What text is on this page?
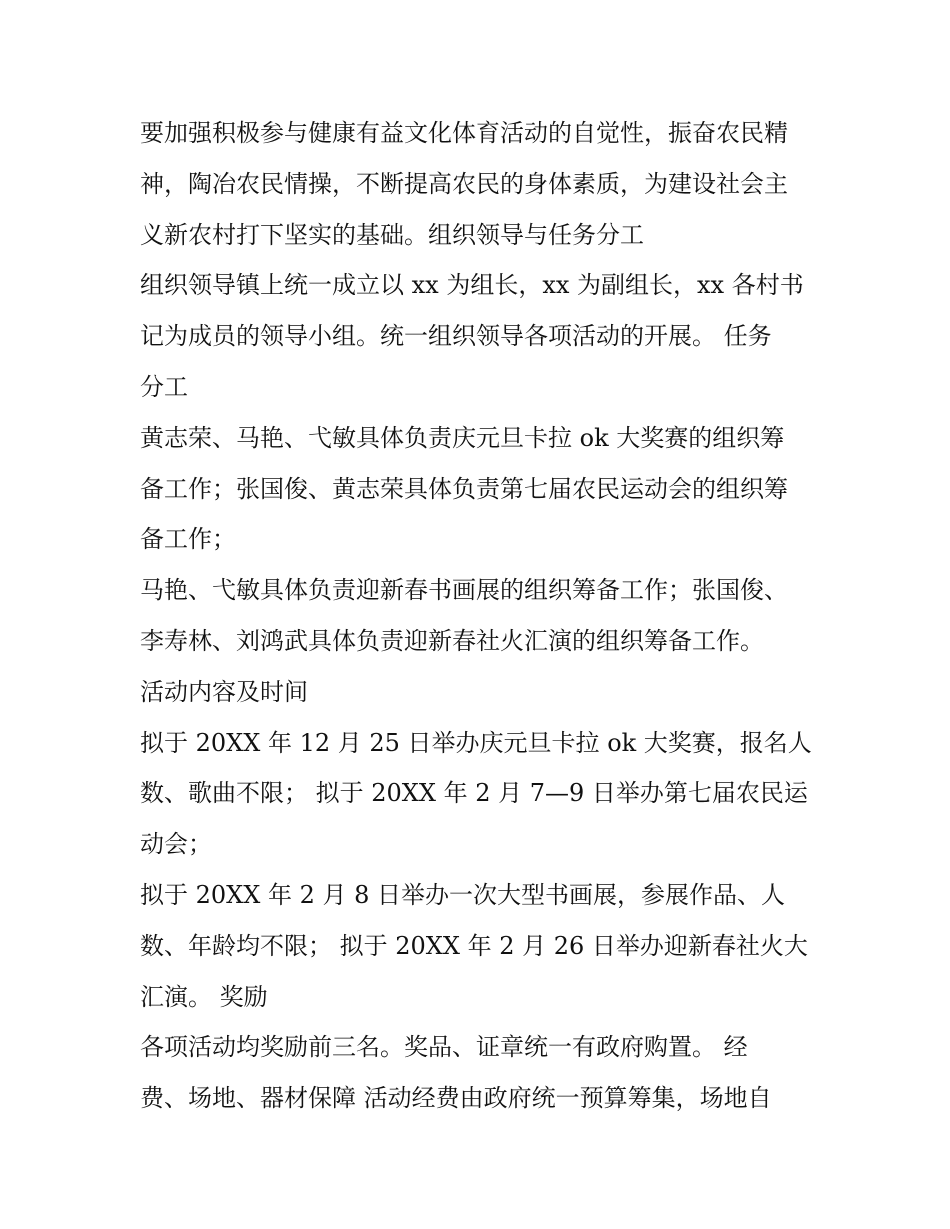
要加强积极参与健康有益文化体育活动的自觉性，振奋农民精
神，陶冶农民情操，不断提高农民的身体素质，为建设社会主
义新农村打下坚实的基础。组织领导与任务分工
组织领导镇上统一成立以 xx 为组长，xx 为副组长，xx 各村书
记为成员的领导小组。统一组织领导各项活动的开展。 任务
分工
黄志荣、马艳、弋敏具体负责庆元旦卡拉 ok 大奖赛的组织筹
备工作；张国俊、黄志荣具体负责第七届农民运动会的组织筹
备工作；
马艳、弋敏具体负责迎新春书画展的组织筹备工作；张国俊、
李寿林、刘鸿武具体负责迎新春社火汇演的组织筹备工作。
活动内容及时间
拟于 20XX 年 12 月 25 日举办庆元旦卡拉 ok 大奖赛，报名人
数、歌曲不限； 拟于 20XX 年 2 月 7—9 日举办第七届农民运
动会；
拟于 20XX 年 2 月 8 日举办一次大型书画展，参展作品、人
数、年龄均不限； 拟于 20XX 年 2 月 26 日举办迎新春社火大
汇演。 奖励
各项活动均奖励前三名。奖品、证章统一有政府购置。 经
费、场地、器材保障 活动经费由政府统一预算筹集，场地自
